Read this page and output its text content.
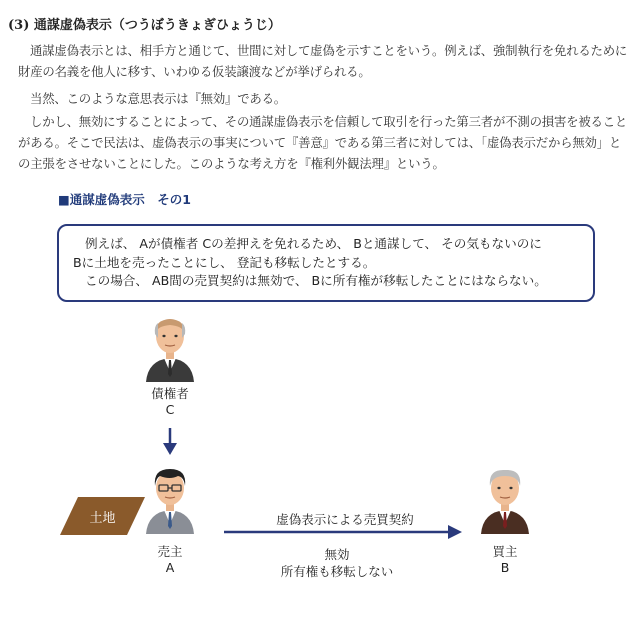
(3) 通謀虚偽表示（つうぼうきょぎひょうじ）
通謀虚偽表示とは、相手方と通じて、世間に対して虚偽を示すことをいう。例えば、強制執行を免れるために財産の名義を他人に移す、いわゆる仮装譲渡などが挙げられる。
当然、このような意思表示は『無効』である。
しかし、無効にすることによって、その通謀虚偽表示を信頼して取引を行った第三者が不測の損害を被ることがある。そこで民法は、虚偽表示の事実について『善意』である第三者に対しては、「虚偽表示だから無効」との主張をさせないことにした。このような考え方を『権利外観法理』という。
■通謀虚偽表示　その1
例えば、 Aが債権者 Cの差押えを免れるため、 Bと通謀して、 その気もないのに
Bに土地を売ったことにし、 登記も移転したとする。
この場合、 AB間の売買契約は無効で、 Bに所有権が移転したことにはならない。
債権者
C
土地
売主
A
虚偽表示による売買契約
無効
所有権も移転しない
買主
B
